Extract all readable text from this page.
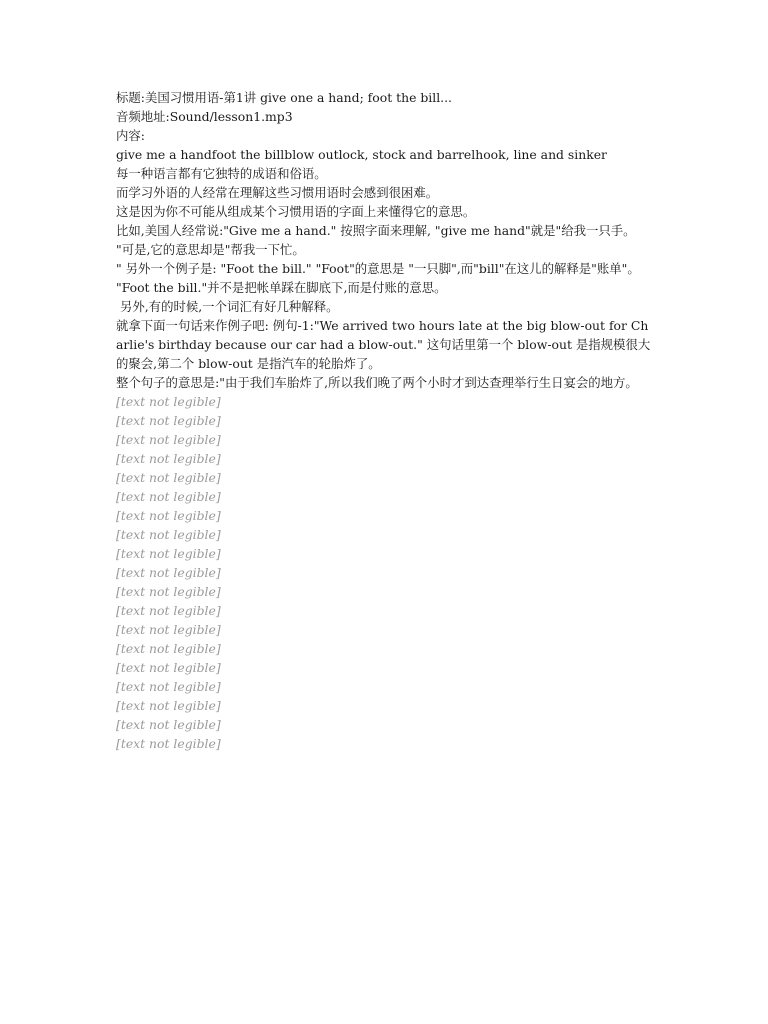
标题:美国习惯用语-第1讲 give one a hand; foot the bill...

音频地址:Sound/lesson1.mp3

内容:

give me a handfoot the billblow outlock, stock and barrelhook, line and sinker

每一种语言都有它独特的成语和俗语。

而学习外语的人经常在理解这些习惯用语时会感到很困难。

这是因为你不可能从组成某个习惯用语的字面上来懂得它的意思。

比如,美国人经常说:"Give me a hand." 按照字面来理解, "give me hand"就是"给我一只手。

"可是,它的意思却是"帮我一下忙。

" 另外一个例子是: "Foot the bill." "Foot"的意思是 "一只脚",而"bill"在这儿的解释是"账单"。

"Foot the bill."并不是把帐单踩在脚底下,而是付账的意思。

另外,有的时候,一个词汇有好几种解释。

就拿下面一句话来作例子吧: 例句-1:"We arrived two hours late at the big blow-out for Charlie's birthday because our car had a blow-out." 这句话里第一个 blow-out 是指规模很大的聚会,第二个 blow-out 是指汽车的轮胎炸了。

整个句子的意思是:"由于我们车胎炸了,所以我们晚了两个小时才到达查理举行生日宴会的地方。

[text not legible]

[text not legible]

[text not legible]

[text not legible]

[text not legible]

[text not legible]

[text not legible]

[text not legible]

[text not legible]

[text not legible]

[text not legible]

[text not legible]

[text not legible]

[text not legible]

[text not legible]

[text not legible]

[text not legible]

[text not legible]

[text not legible]
